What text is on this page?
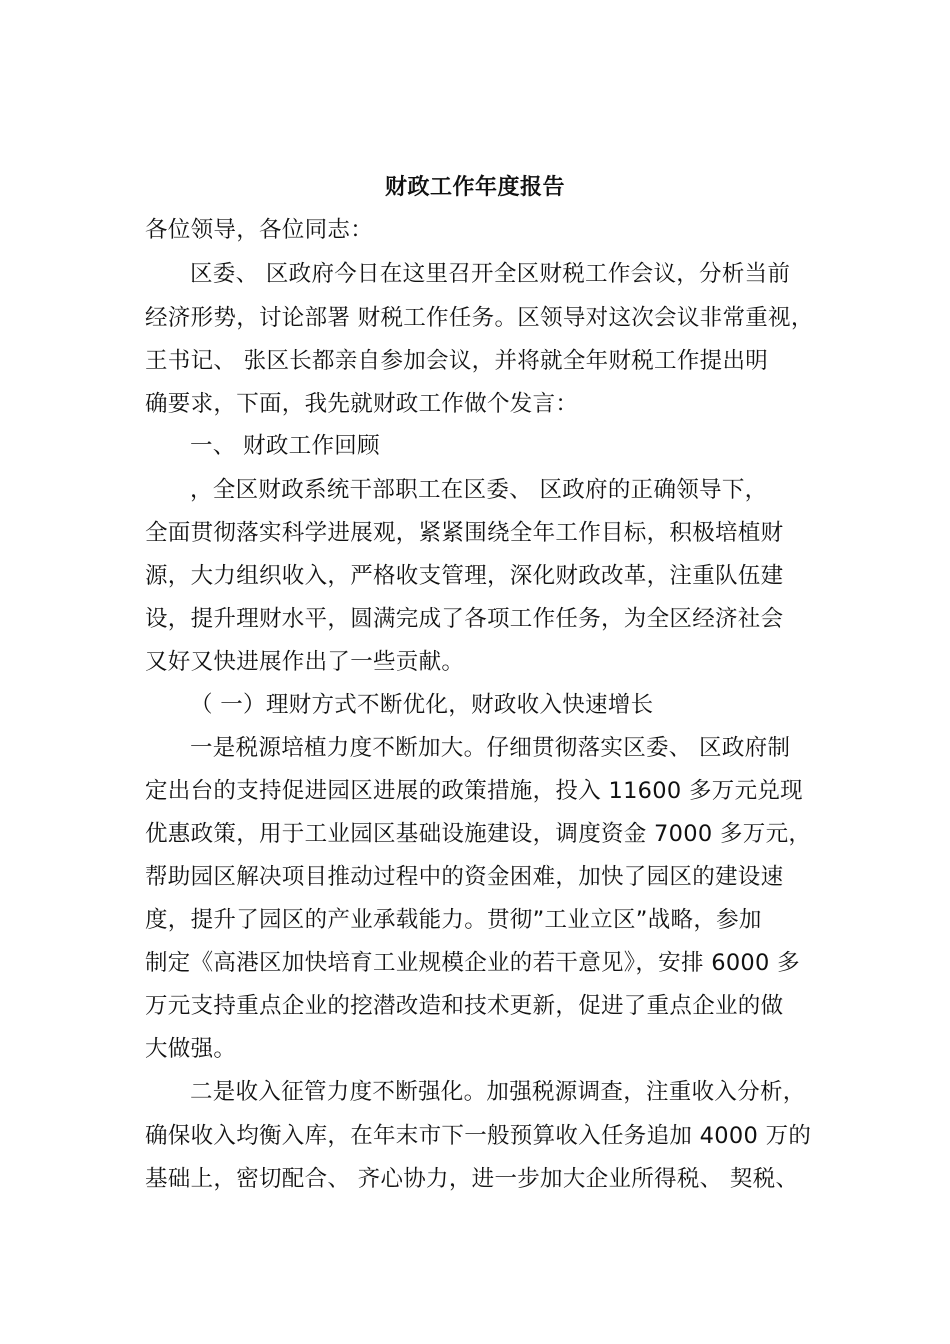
财政工作年度报告
各位领导，各位同志：
区委、 区政府今日在这里召开全区财税工作会议，分析当前
经济形势，讨论部署 财税工作任务。区领导对这次会议非常重视，
王书记、 张区长都亲自参加会议，并将就全年财税工作提出明
确要求，下面，我先就财政工作做个发言：
一、 财政工作回顾
，全区财政系统干部职工在区委、 区政府的正确领导下，
全面贯彻落实科学进展观，紧紧围绕全年工作目标，积极培植财
源，大力组织收入，严格收支管理，深化财政改革，注重队伍建
设，提升理财水平，圆满完成了各项工作任务，为全区经济社会
又好又快进展作出了一些贡献。
（ 一）理财方式不断优化，财政收入快速增长
一是税源培植力度不断加大。仔细贯彻落实区委、 区政府制
定出台的支持促进园区进展的政策措施，投入 11600 多万元兑现
优惠政策，用于工业园区基础设施建设，调度资金 7000 多万元，
帮助园区解决项目推动过程中的资金困难，加快了园区的建设速
度，提升了园区的产业承载能力。贯彻”工业立区”战略，参加
制定《高港区加快培育工业规模企业的若干意见》，安排 6000 多
万元支持重点企业的挖潜改造和技术更新，促进了重点企业的做
大做强。
二是收入征管力度不断强化。加强税源调查，注重收入分析，
确保收入均衡入库，在年末市下一般预算收入任务追加 4000 万的
基础上，密切配合、 齐心协力，进一步加大企业所得税、 契税、
